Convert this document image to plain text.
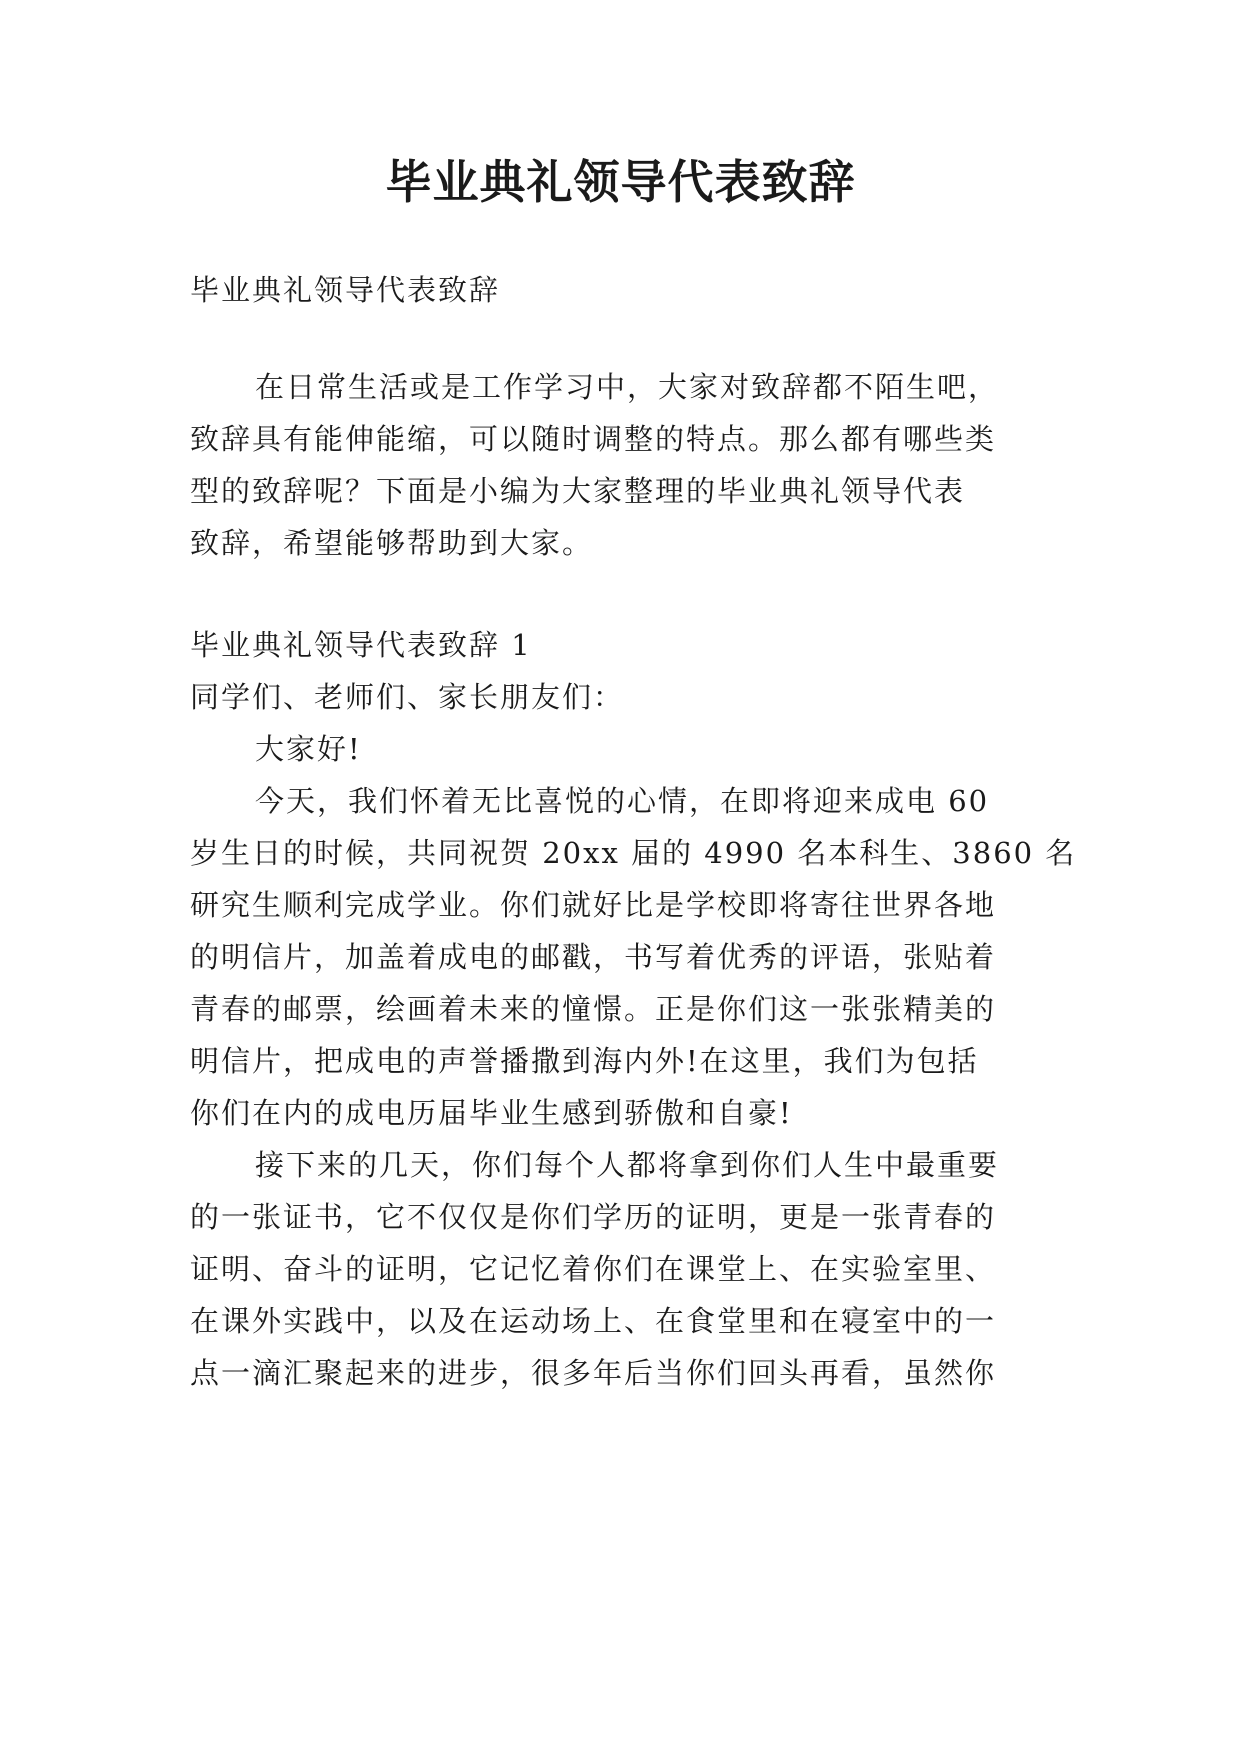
毕业典礼领导代表致辞
毕业典礼领导代表致辞
在日常生活或是工作学习中，大家对致辞都不陌生吧，
致辞具有能伸能缩，可以随时调整的特点。那么都有哪些类
型的致辞呢？下面是小编为大家整理的毕业典礼领导代表
致辞，希望能够帮助到大家。
毕业典礼领导代表致辞 1
同学们、老师们、家长朋友们：
大家好!
今天，我们怀着无比喜悦的心情，在即将迎来成电 60
岁生日的时候，共同祝贺 20xx 届的 4990 名本科生、3860 名
研究生顺利完成学业。你们就好比是学校即将寄往世界各地
的明信片，加盖着成电的邮戳，书写着优秀的评语，张贴着
青春的邮票，绘画着未来的憧憬。正是你们这一张张精美的
明信片，把成电的声誉播撒到海内外!在这里，我们为包括
你们在内的成电历届毕业生感到骄傲和自豪!
接下来的几天，你们每个人都将拿到你们人生中最重要
的一张证书，它不仅仅是你们学历的证明，更是一张青春的
证明、奋斗的证明，它记忆着你们在课堂上、在实验室里、
在课外实践中，以及在运动场上、在食堂里和在寝室中的一
点一滴汇聚起来的进步，很多年后当你们回头再看，虽然你
